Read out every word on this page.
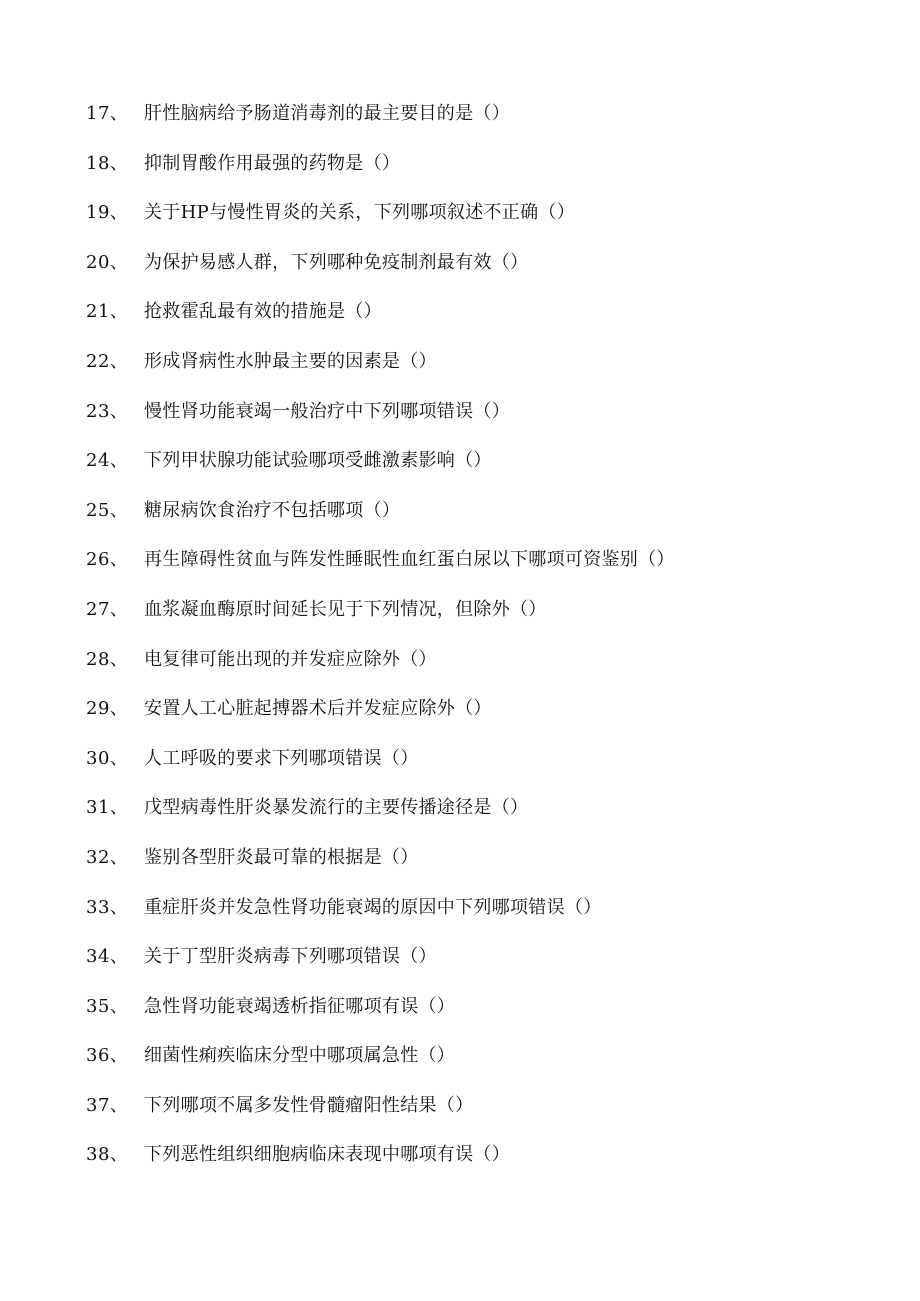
17、 肝性脑病给予肠道消毒剂的最主要目的是（）
18、 抑制胃酸作用最强的药物是（）
19、 关于HP与慢性胃炎的关系，下列哪项叙述不正确（）
20、 为保护易感人群，下列哪种免疫制剂最有效（）
21、 抢救霍乱最有效的措施是（）
22、 形成肾病性水肿最主要的因素是（）
23、 慢性肾功能衰竭一般治疗中下列哪项错误（）
24、 下列甲状腺功能试验哪项受雌激素影响（）
25、 糖尿病饮食治疗不包括哪项（）
26、 再生障碍性贫血与阵发性睡眠性血红蛋白尿以下哪项可资鉴别（）
27、 血浆凝血酶原时间延长见于下列情况，但除外（）
28、 电复律可能出现的并发症应除外（）
29、 安置人工心脏起搏器术后并发症应除外（）
30、 人工呼吸的要求下列哪项错误（）
31、 戊型病毒性肝炎暴发流行的主要传播途径是（）
32、 鉴别各型肝炎最可靠的根据是（）
33、 重症肝炎并发急性肾功能衰竭的原因中下列哪项错误（）
34、 关于丁型肝炎病毒下列哪项错误（）
35、 急性肾功能衰竭透析指征哪项有误（）
36、 细菌性痢疾临床分型中哪项属急性（）
37、 下列哪项不属多发性骨髓瘤阳性结果（）
38、 下列恶性组织细胞病临床表现中哪项有误（）
